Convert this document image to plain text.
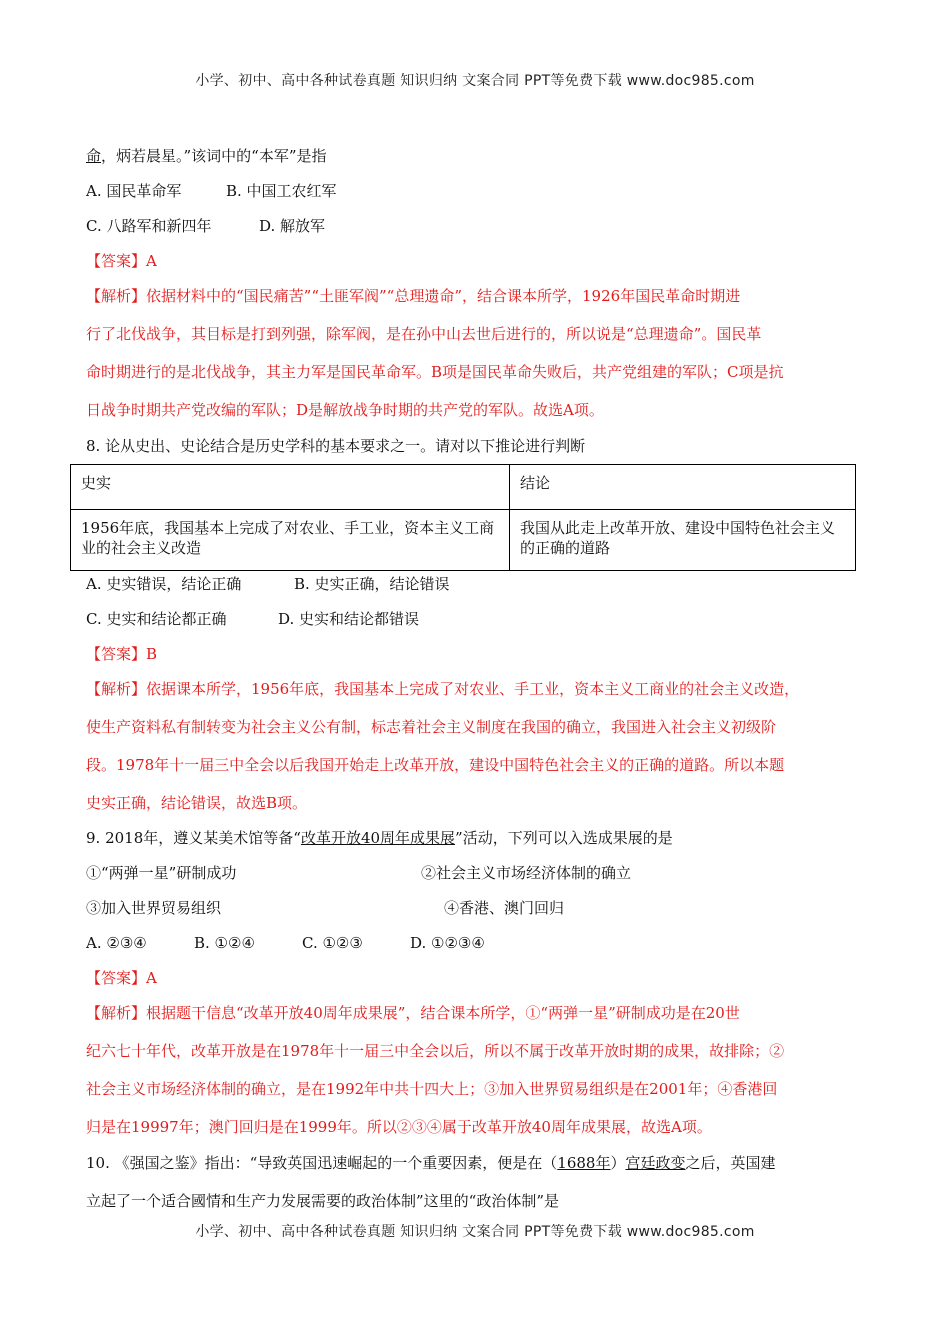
小学、初中、高中各种试卷真题 知识归纳 文案合同 PPT等免费下载 www.doc985.com
命，炳若晨星。”该词中的“本军”是指
A. 国民革命军	B. 中国工农红军
C. 八路军和新四年	D. 解放军
【答案】A
【解析】依据材料中的“国民痛苦”“土匪军阀”“总理遗命”，结合课本所学，1926年国民革命时期进
行了北伐战争，其目标是打到列强，除军阀，是在孙中山去世后进行的，所以说是“总理遗命”。国民革
命时期进行的是北伐战争，其主力军是国民革命军。B项是国民革命失败后，共产党组建的军队；C项是抗
日战争时期共产党改编的军队；D是解放战争时期的共产党的军队。故选A项。
8. 论从史出、史论结合是历史学科的基本要求之一。请对以下推论进行判断
史实	结论
1956年底，我国基本上完成了对农业、手工业，资本主义工商业的社会主义改造	我国从此走上改革开放、建设中国特色社会主义的正确的道路
A. 史实错误，结论正确	B. 史实正确，结论错误
C. 史实和结论都正确	D. 史实和结论都错误
【答案】B
【解析】依据课本所学，1956年底，我国基本上完成了对农业、手工业，资本主义工商业的社会主义改造，
使生产资料私有制转变为社会主义公有制，标志着社会主义制度在我国的确立，我国进入社会主义初级阶
段。1978年十一届三中全会以后我国开始走上改革开放，建设中国特色社会主义的正确的道路。所以本题
史实正确，结论错误，故选B项。
9. 2018年，遵义某美术馆等备“改革开放40周年成果展”活动，下列可以入选成果展的是
①“两弹一星”研制成功	②社会主义市场经济体制的确立
③加入世界贸易组织	④香港、澳门回归
A. ②③④	B. ①②④	C. ①②③	D. ①②③④
【答案】A
【解析】根据题干信息“改革开放40周年成果展”，结合课本所学，①“两弹一星”研制成功是在20世
纪六七十年代，改革开放是在1978年十一届三中全会以后，所以不属于改革开放时期的成果，故排除；②
社会主义市场经济体制的确立，是在1992年中共十四大上；③加入世界贸易组织是在2001年；④香港回
归是在19997年；澳门回归是在1999年。所以②③④属于改革开放40周年成果展，故选A项。
10. 《强国之鉴》指出：“导致英国迅速崛起的一个重要因素，便是在（1688年）宫廷政变之后，英国建
立起了一个适合國情和生产力发展需要的政治体制”这里的“政治体制”是
小学、初中、高中各种试卷真题 知识归纳 文案合同 PPT等免费下载 www.doc985.com
